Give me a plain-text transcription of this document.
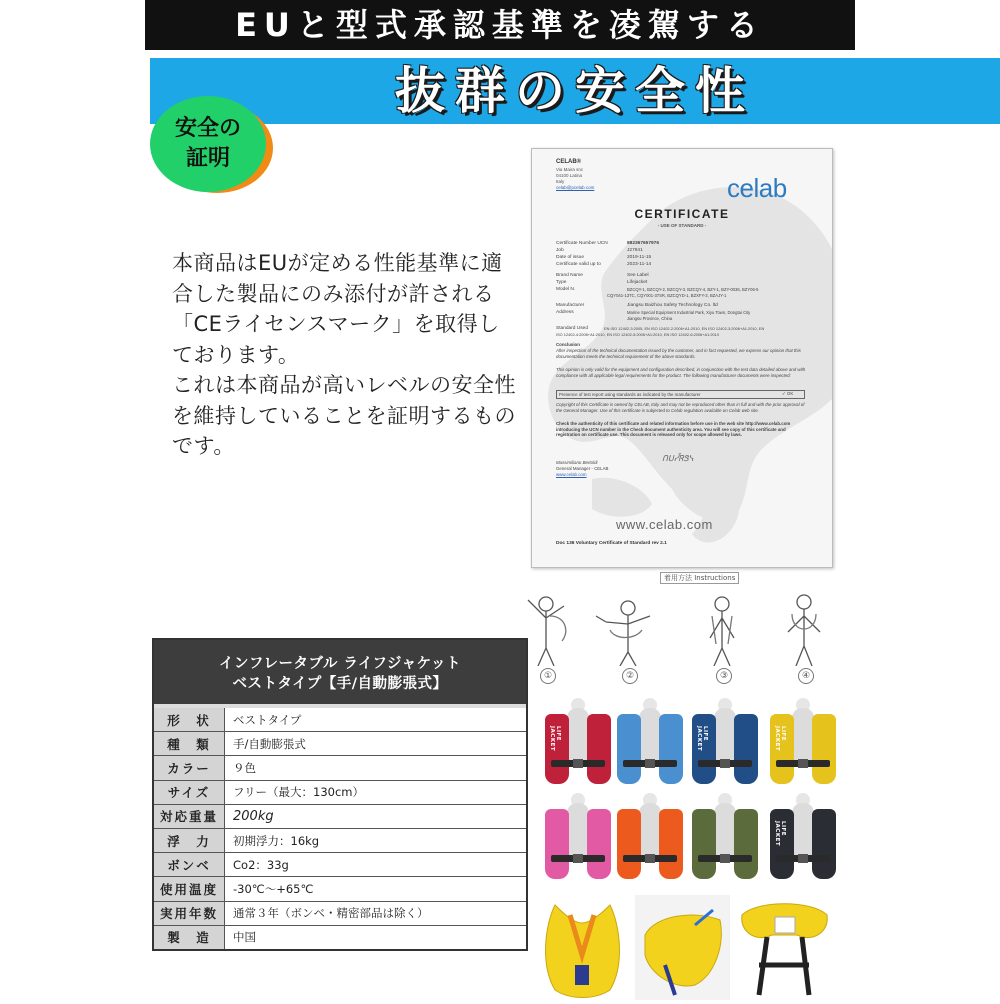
EUと型式承認基準を凌駕する
抜群の安全性
安全の
証明

本商品はEUが定める性能基準に適

合した製品にのみ添付が許される

「CEライセンスマーク」を取得し

ております。

これは本商品が高いレベルの安全性

を維持していることを証明するもの

です。

CELAB®
Via Maira snc
04100 Latina
Italy
celab@pcelab.com	celab
CERTIFICATE
- USE OF STANDARD -
Certificate Number UCN	882367657976
Job	J27941
Date of issue	2019-11-15
Certificate valid up to	2023-11-14
Brand Name	See Label
Type	Lifejacket
Model N.	BZCQY-1, BZCQY-2, BZCQY-3, BZCQY-4, BZY-1, BZY-0036, BZY06-5
CQY041-13TC, CQY001-37SR, BZCQYD-1, BZXFY-3, BZAJY-1
Manufacturer	Jiangsu Baizhou Safety Technology Co. ltd
Address	Marine Special Equipment Industrial Park, Xiyu Town, Dongtai City
Jiangsu Province, China
Standard Used	EN ISO 12402-3:2005, EN ISO 12402-2:2006+A1:2010, EN ISO 12402-3:2006+A1:2010, EN
ISO 12402-4:2006+A1:2010, EN ISO 12402-5:2006+A1:2010, EN ISO 12402-6:2006+A1:2010
Conclusion
After inspection of the technical documentation issued by the customer, and in fact requested, we express our opinion that this documentation meets the technical requirement of the above standards.
This opinion is only valid for the equipment and configuration described, in conjunction with the test data detailed above and with compliance with all applicable legal requirements for the product. The following manufacturer documents were inspected:
Presence of test report using standards as indicated by the manufacturer	✓ OK
Copyright of this Certificate is owned by CELAB, Italy and may not be reproduced other than in full and with the prior approval of the General Manager. Use of this certificate is subjected to Celab regulation available on Celab web site.
Check the authenticity of this certificate and related information before use in the web site http://www.celab.com introducing the UCN number in the Check document authenticity area. You will see copy of this certificate and registration on certificate use. This document is released only for scope allowed by laws.
ᑎᑌᓮᏒᏕᓭ
Massimiliano Bertoldi
General Manager - CELAB
www.celab.com
www.celab.com
Doc 136 Voluntary Certificate of Standard rev 2.1
着用方法 Instructions
①	②	③	④
インフレータブル ライフジャケット
ベストタイプ【手/自動膨張式】
形　状	ベストタイプ
種　類	手/自動膨張式
カラー	９色
サイズ	フリー（最大：130cm）
対応重量	200kg
浮　力	初期浮力：16kg
ボンベ	Co2：33g
使用温度	-30℃～+65℃
実用年数	通常３年（ボンベ・精密部品は除く）
製　造	中国
LIFE JACKET	LIFE JACKET	LIFE JACKET
LIFE JACKET
